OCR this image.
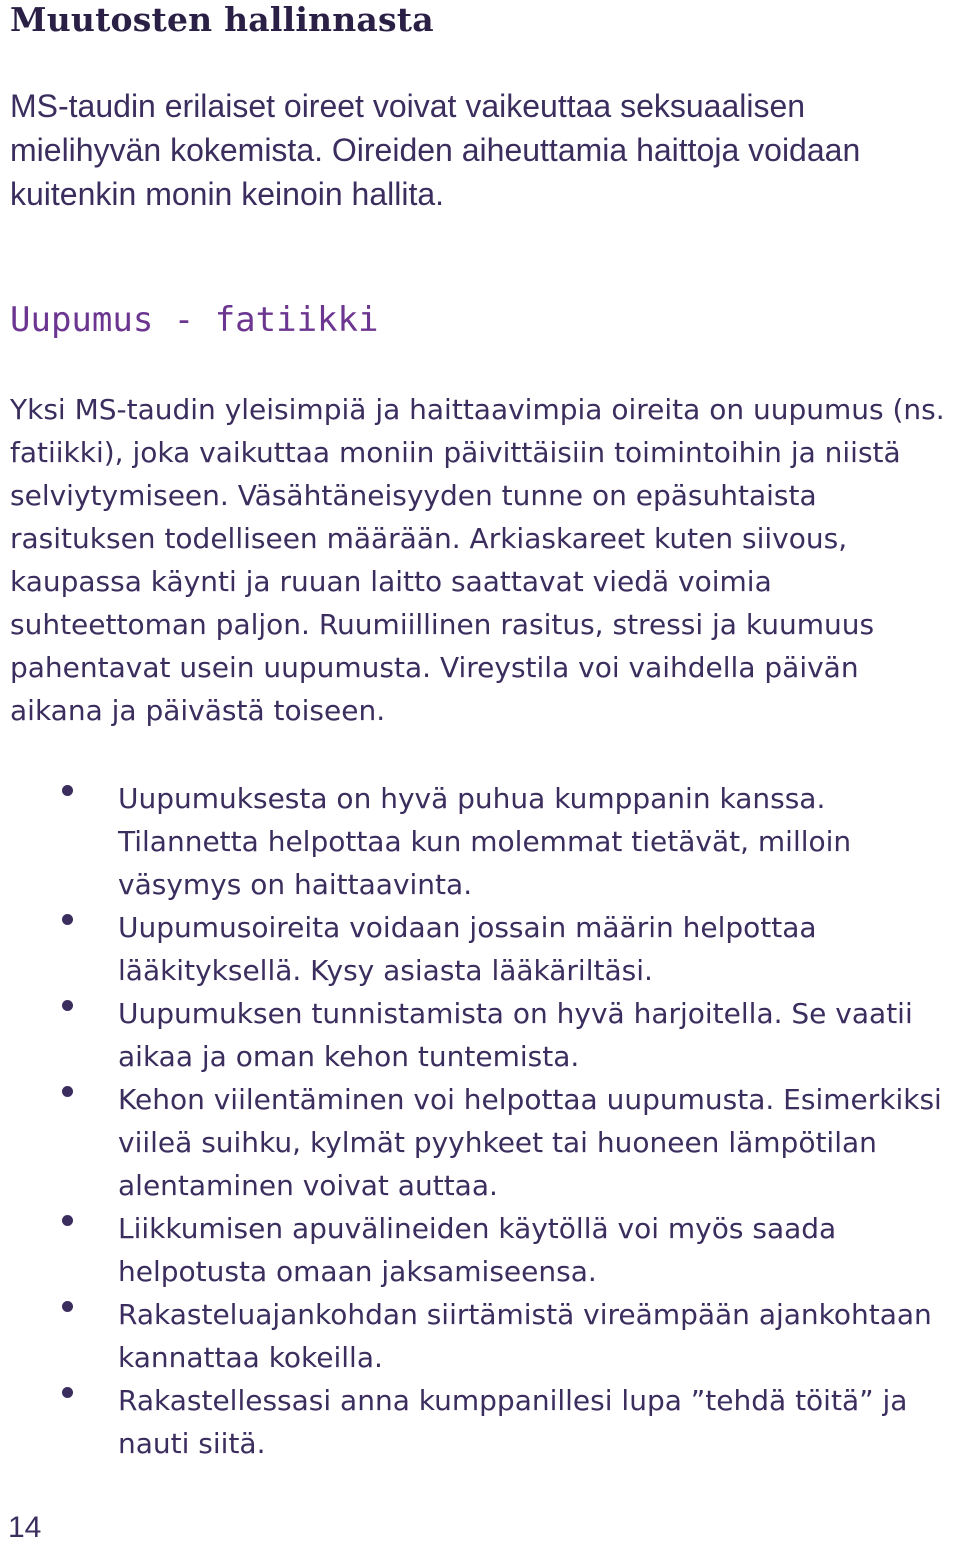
Muutosten hallinnasta

MS-taudin erilaiset oireet voivat vaikeuttaa seksuaalisen mielihyvän kokemista. Oireiden aiheuttamia haittoja voidaan kuitenkin monin keinoin hallita.

Uupumus - fatiikki

Yksi MS-taudin yleisimpiä ja haittaavimpia oireita on uupumus (ns. fatiikki), joka vaikuttaa moniin päivittäisiin toimintoihin ja niistä selviytymiseen. Väsähtäneisyyden tunne on epäsuhtaista rasituksen todelliseen määrään. Arkiaskareet kuten siivous, kaupassa käynti ja ruuan laitto saattavat viedä voimia suhteettoman paljon. Ruumiillinen rasitus, stressi ja kuumuus pahentavat usein uupumusta. Vireystila voi vaihdella päivän aikana ja päivästä toiseen.

Uupumuksesta on hyvä puhua kumppanin kanssa. Tilannetta helpottaa kun molemmat tietävät, milloin väsymys on haittaavinta.
Uupumusoireita voidaan jossain määrin helpottaa lääkityksellä. Kysy asiasta lääkäriltäsi.
Uupumuksen tunnistamista on hyvä harjoitella. Se vaatii aikaa ja oman kehon tuntemista.
Kehon viilentäminen voi helpottaa uupumusta. Esimerkiksi viileä suihku, kylmät pyyhkeet tai huoneen lämpötilan alentaminen voivat auttaa.
Liikkumisen apuvälineiden käytöllä voi myös saada helpotusta omaan jaksamiseensa.
Rakasteluajankohdan siirtämistä vireämpään ajankohtaan kannattaa kokeilla.
Rakastellessasi anna kumppanillesi lupa ”tehdä töitä” ja nauti siitä.

14
